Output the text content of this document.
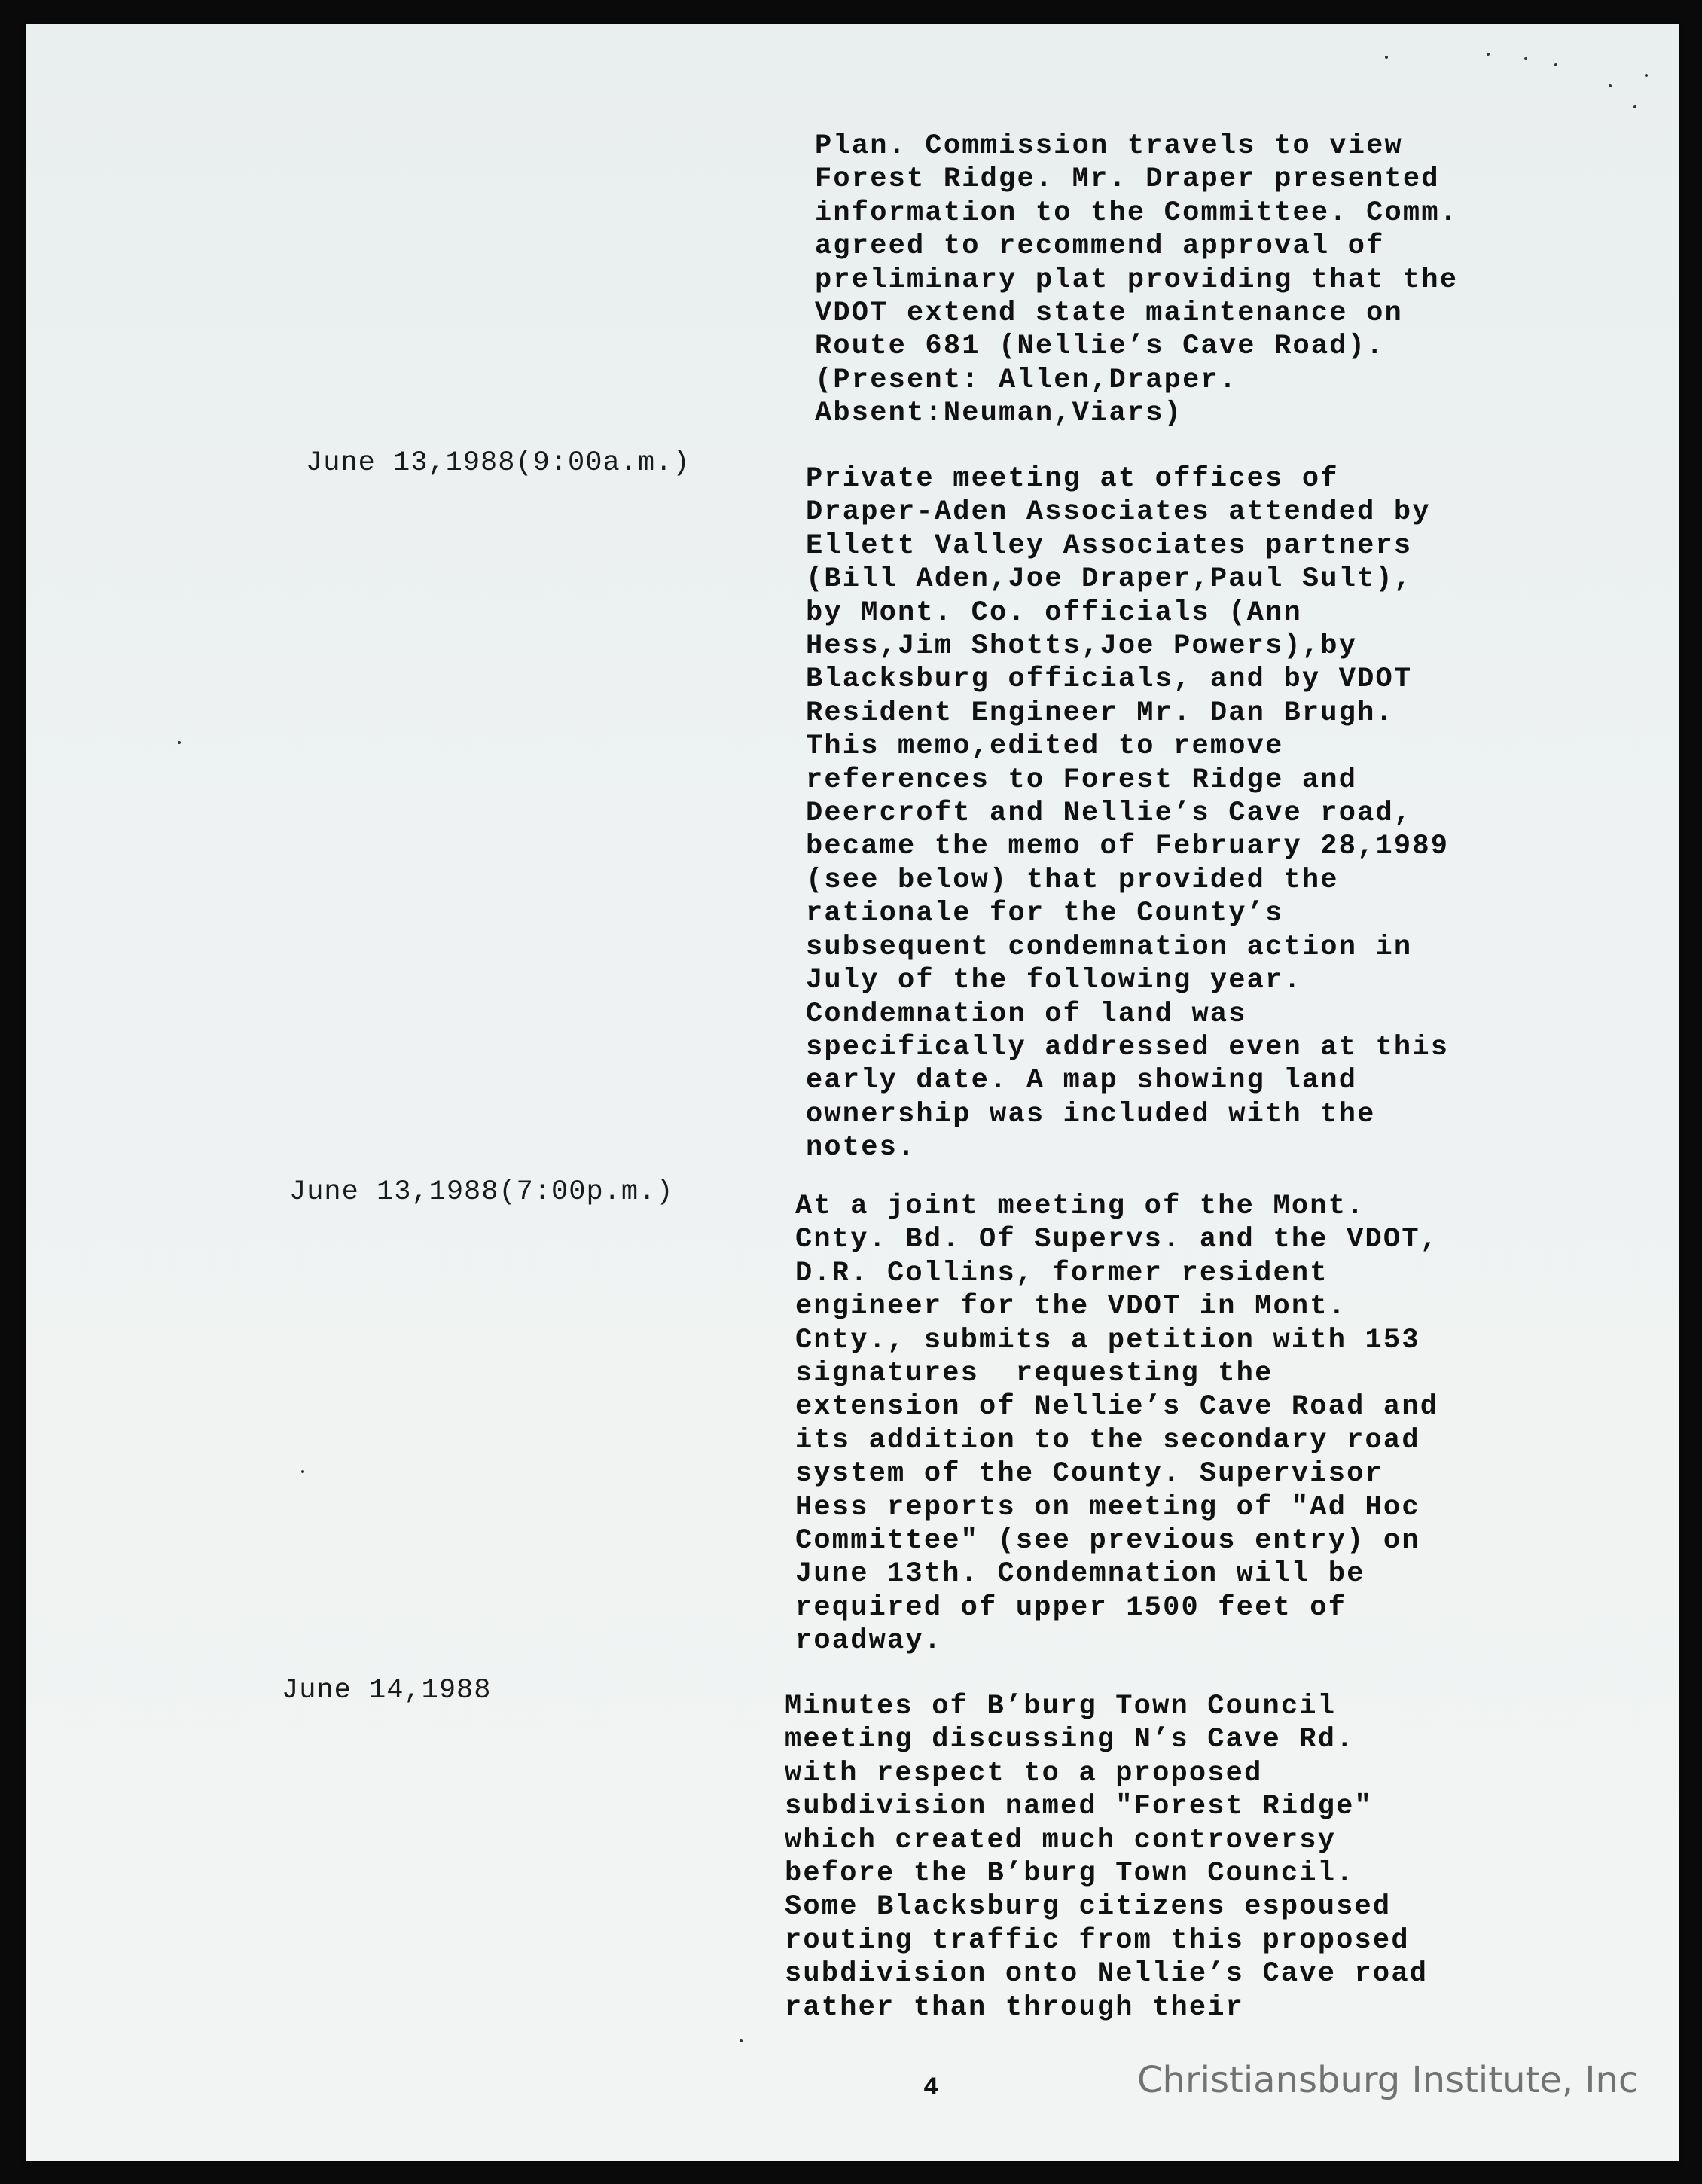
Plan. Commission travels to view
Forest Ridge. Mr. Draper presented
information to the Committee. Comm.
agreed to recommend approval of
preliminary plat providing that the
VDOT extend state maintenance on
Route 681 (Nellie’s Cave Road).
(Present: Allen,Draper.
Absent:Neuman,Viars)
June 13,1988(9:00a.m.)	Private meeting at offices of
Draper-Aden Associates attended by
Ellett Valley Associates partners
(Bill Aden,Joe Draper,Paul Sult),
by Mont. Co. officials (Ann
Hess,Jim Shotts,Joe Powers),by
Blacksburg officials, and by VDOT
Resident Engineer Mr. Dan Brugh.
This memo,edited to remove
references to Forest Ridge and
Deercroft and Nellie’s Cave road,
became the memo of February 28,1989
(see below) that provided the
rationale for the County’s
subsequent condemnation action in
July of the following year.
Condemnation of land was
specifically addressed even at this
early date. A map showing land
ownership was included with the
notes.
June 13,1988(7:00p.m.)	At a joint meeting of the Mont.
Cnty. Bd. Of Supervs. and the VDOT,
D.R. Collins, former resident
engineer for the VDOT in Mont.
Cnty., submits a petition with 153
signatures  requesting the
extension of Nellie’s Cave Road and
its addition to the secondary road
system of the County. Supervisor
Hess reports on meeting of "Ad Hoc
Committee" (see previous entry) on
June 13th. Condemnation will be
required of upper 1500 feet of
roadway.
June 14,1988	Minutes of B’burg Town Council
meeting discussing N’s Cave Rd.
with respect to a proposed
subdivision named "Forest Ridge"
which created much controversy
before the B’burg Town Council.
Some Blacksburg citizens espoused
routing traffic from this proposed
subdivision onto Nellie’s Cave road
rather than through their
4	Christiansburg Institute, Inc
